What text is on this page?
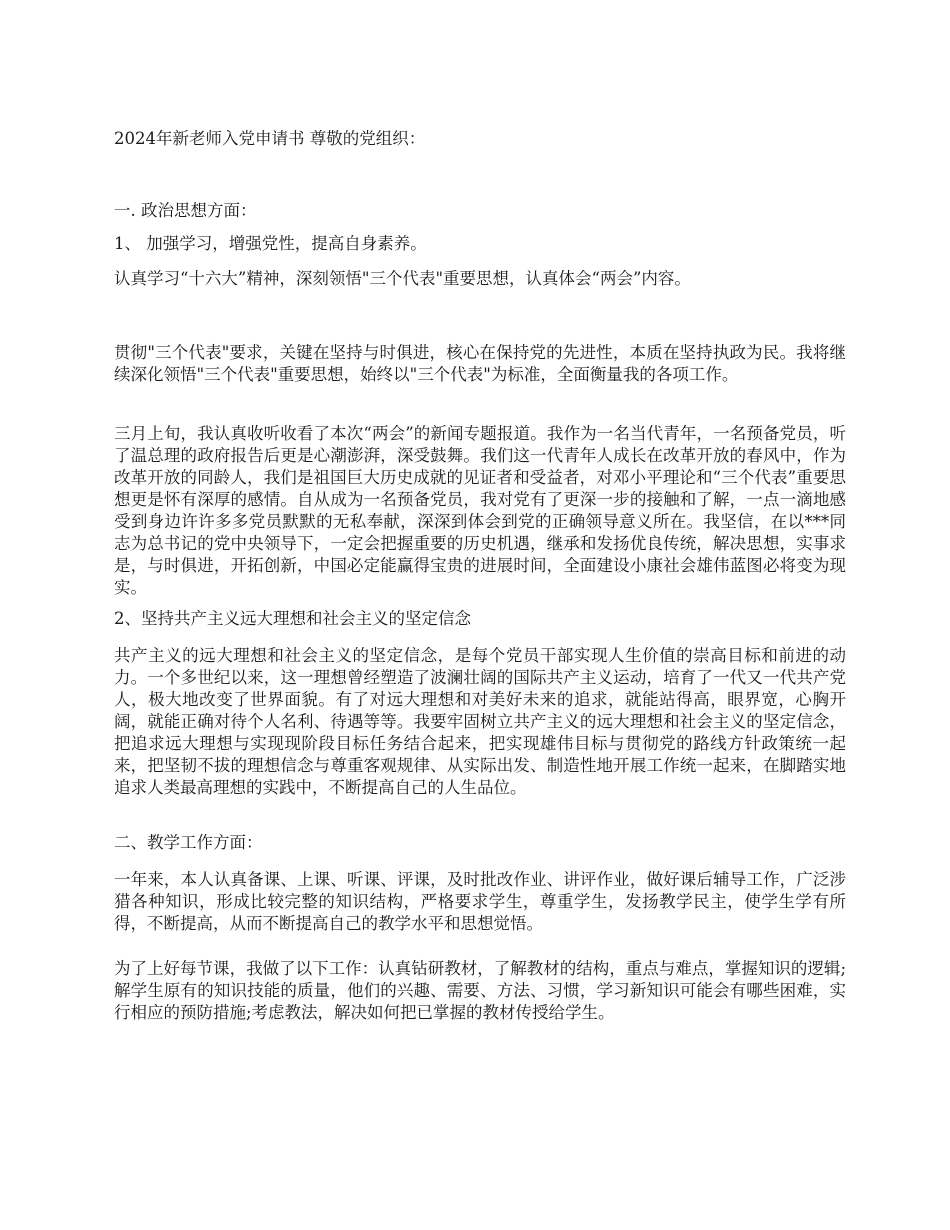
2024年新老师入党申请书 尊敬的党组织：

一. 政治思想方面：

1、 加强学习，增强党性，提高自身素养。

认真学习“十六大”精神，深刻领悟"三个代表"重要思想，认真体会“两会”内容。

贯彻"三个代表"要求，关键在坚持与时俱进，核心在保持党的先进性，本质在坚持执政为民。我将继续深化领悟"三个代表"重要思想，始终以"三个代表"为标准，全面衡量我的各项工作。

三月上旬，我认真收听收看了本次“两会”的新闻专题报道。我作为一名当代青年，一名预备党员，听了温总理的政府报告后更是心潮澎湃，深受鼓舞。我们这一代青年人成长在改革开放的春风中，作为改革开放的同龄人，我们是祖国巨大历史成就的见证者和受益者，对邓小平理论和“三个代表”重要思想更是怀有深厚的感情。自从成为一名预备党员，我对党有了更深一步的接触和了解，一点一滴地感受到身边许许多多党员默默的无私奉献，深深到体会到党的正确领导意义所在。我坚信，在以***同志为总书记的党中央领导下，一定会把握重要的历史机遇，继承和发扬优良传统，解决思想，实事求是，与时俱进，开拓创新，中国必定能赢得宝贵的进展时间，全面建设小康社会雄伟蓝图必将变为现实。

2、坚持共产主义远大理想和社会主义的坚定信念

共产主义的远大理想和社会主义的坚定信念，是每个党员干部实现人生价值的崇高目标和前进的动力。一个多世纪以来，这一理想曾经塑造了波澜壮阔的国际共产主义运动，培育了一代又一代共产党人，极大地改变了世界面貌。有了对远大理想和对美好未来的追求，就能站得高，眼界宽，心胸开阔，就能正确对待个人名利、待遇等等。我要牢固树立共产主义的远大理想和社会主义的坚定信念，把追求远大理想与实现现阶段目标任务结合起来，把实现雄伟目标与贯彻党的路线方针政策统一起来，把坚韧不拔的理想信念与尊重客观规律、从实际出发、制造性地开展工作统一起来，在脚踏实地追求人类最高理想的实践中，不断提高自己的人生品位。

二、教学工作方面：

一年来，本人认真备课、上课、听课、评课，及时批改作业、讲评作业，做好课后辅导工作，广泛涉猎各种知识，形成比较完整的知识结构，严格要求学生，尊重学生，发扬教学民主，使学生学有所得，不断提高，从而不断提高自己的教学水平和思想觉悟。

为了上好每节课，我做了以下工作：认真钻研教材，了解教材的结构，重点与难点，掌握知识的逻辑;解学生原有的知识技能的质量，他们的兴趣、需要、方法、习惯，学习新知识可能会有哪些困难，实行相应的预防措施;考虑教法，解决如何把已掌握的教材传授给学生。
